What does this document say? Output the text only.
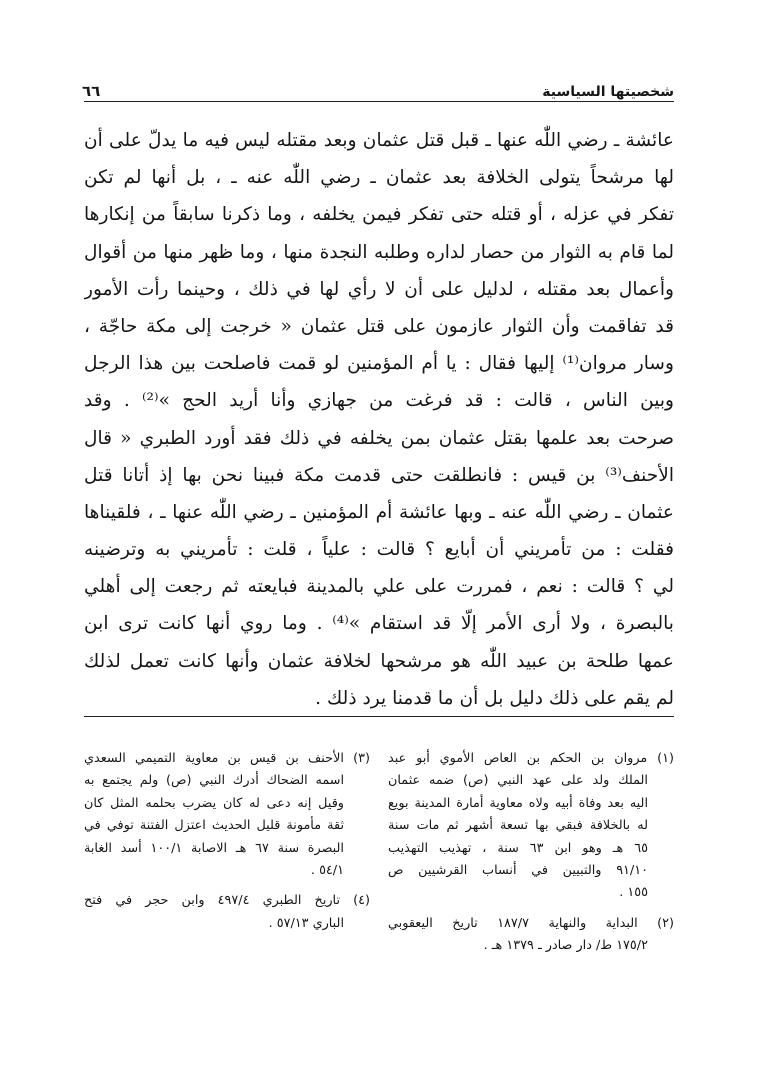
شخصيتها السياسية
٦٦
عائشة ـ رضي اللّٰه عنها ـ قبل قتل عثمان وبعد مقتله ليس فيه ما يدلّ على أن
لها مرشحاً يتولى الخلافة بعد عثمان ـ رضي اللّٰه عنه ـ ، بل أنها لم تكن
تفكر في عزله ، أو قتله حتى تفكر فيمن يخلفه ، وما ذكرنا سابقاً من إنكارها
لما قام به الثوار من حصار لداره وطلبه النجدة منها ، وما ظهر منها من أقوال
وأعمال بعد مقتله ، لدليل على أن لا رأي لها في ذلك ، وحينما رأت الأمور
قد تفاقمت وأن الثوار عازمون على قتل عثمان « خرجت إلى مكة حاجّة ،
وسار مروان⁽¹⁾ إليها فقال : يا أم المؤمنين لو قمت فاصلحت بين هذا الرجل
وبين الناس ، قالت : قد فرغت من جهازي وأنا أريد الحج »⁽²⁾ . وقد
صرحت بعد علمها بقتل عثمان بمن يخلفه في ذلك فقد أورد الطبري « قال
الأحنف⁽³⁾ بن قيس : فانطلقت حتى قدمت مكة فبينا نحن بها إذ أتانا قتل
عثمان ـ رضي اللّٰه عنه ـ وبها عائشة أم المؤمنين ـ رضي اللّٰه عنها ـ ، فلقيناها
فقلت : من تأمريني أن أبايع ؟ قالت : علياً ، قلت : تأمريني به وترضينه
لي ؟ قالت : نعم ، فمررت على علي بالمدينة فبايعته ثم رجعت إلى أهلي
بالبصرة ، ولا أرى الأمر إلّا قد استقام »⁽⁴⁾ . وما روي أنها كانت ترى ابن
عمها طلحة بن عبيد اللّٰه هو مرشحها لخلافة عثمان وأنها كانت تعمل لذلك
لم يقم على ذلك دليل بل أن ما قدمنا يرد ذلك .
(١) مروان بن الحكم بن العاص الأموي أبو عبد
الملك ولد على عهد النبي (ص) ضمه عثمان
اليه بعد وفاة أبيه ولاه معاوية أمارة المدينة بويع
له بالخلافة فبقي بها تسعة أشهر ثم مات سنة
٦٥ هـ وهو ابن ٦٣ سنة ، تهذيب التهذيب
٩١/١٠ والتبيين في أنساب القرشيين ص
١٥٥ .
(٢) البداية والنهاية ١٨٧/٧ تاريخ اليعقوبي
١٧٥/٢ ط/ دار صادر ـ ١٣٧٩ هـ .
(٣) الأحنف بن قيس بن معاوية التميمي السعدي
اسمه الضحاك أدرك النبي (ص) ولم يجتمع به
وقيل إنه دعى له كان يضرب بحلمه المثل كان
ثقة مأمونة قليل الحديث اعتزل الفتنة توفي في
البصرة سنة ٦٧ هـ الاصابة ١٠٠/١ أسد الغابة
٥٤/١ .
(٤) تاريخ الطبري ٤٩٧/٤ وابن حجر في فتح
الباري ٥٧/١٣ .
